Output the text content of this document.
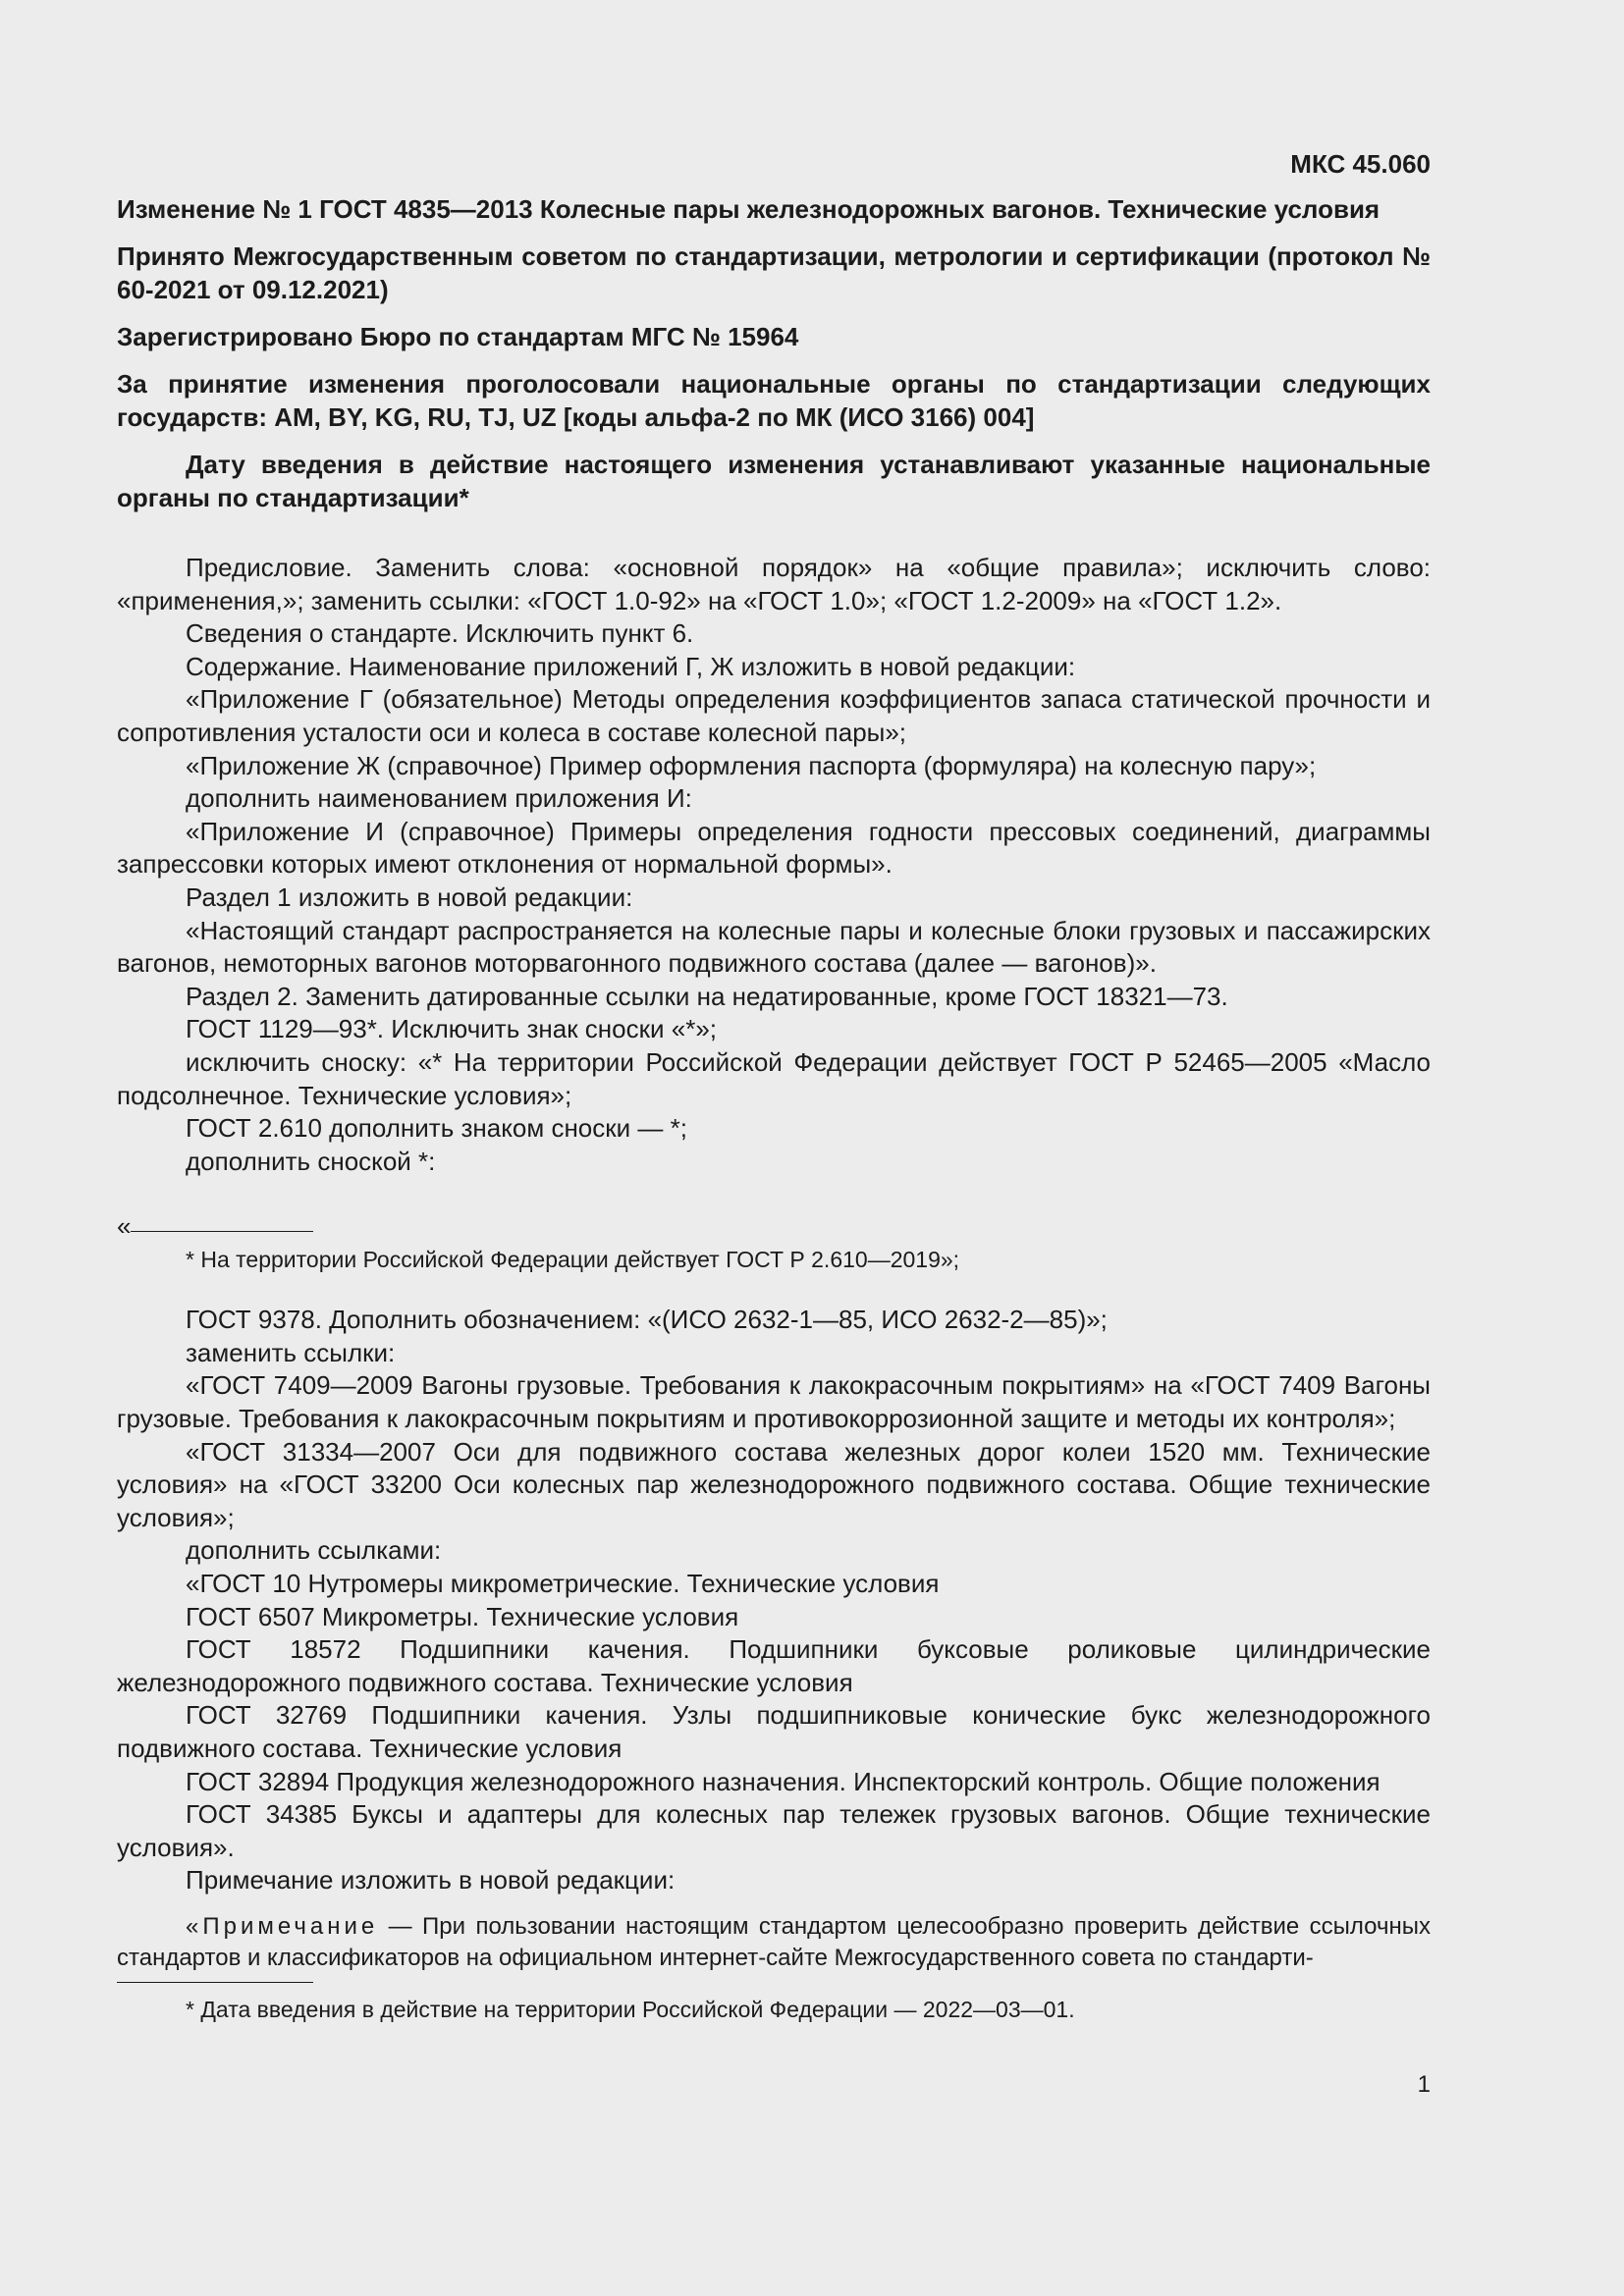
МКС 45.060
Изменение № 1 ГОСТ 4835—2013 Колесные пары железнодорожных вагонов. Технические условия
Принято Межгосударственным советом по стандартизации, метрологии и сертификации (протокол № 60-2021 от 09.12.2021)
Зарегистрировано Бюро по стандартам МГС № 15964
За принятие изменения проголосовали национальные органы по стандартизации следующих государств: AM, BY, KG, RU, TJ, UZ [коды альфа-2 по МК (ИСО 3166) 004]
Дату введения в действие настоящего изменения устанавливают указанные национальные органы по стандартизации*

Предисловие. Заменить слова: «основной порядок» на «общие правила»; исключить слово: «применения,»; заменить ссылки: «ГОСТ 1.0-92» на «ГОСТ 1.0»; «ГОСТ 1.2-2009» на «ГОСТ 1.2».

Сведения о стандарте. Исключить пункт 6.

Содержание. Наименование приложений Г, Ж изложить в новой редакции:

«Приложение Г (обязательное) Методы определения коэффициентов запаса статической прочности и сопротивления усталости оси и колеса в составе колесной пары»;

«Приложение Ж (справочное) Пример оформления паспорта (формуляра) на колесную пару»;

дополнить наименованием приложения И:

«Приложение И (справочное) Примеры определения годности прессовых соединений, диаграммы запрессовки которых имеют отклонения от нормальной формы».

Раздел 1 изложить в новой редакции:

«Настоящий стандарт распространяется на колесные пары и колесные блоки грузовых и пассажирских вагонов, немоторных вагонов моторвагонного подвижного состава (далее — вагонов)».

Раздел 2. Заменить датированные ссылки на недатированные, кроме ГОСТ 18321—73.

ГОСТ 1129—93*. Исключить знак сноски «*»;

исключить сноску: «* На территории Российской Федерации действует ГОСТ Р 52465—2005 «Масло подсолнечное. Технические условия»;

ГОСТ 2.610 дополнить знаком сноски — *;

дополнить сноской *:

«

* На территории Российской Федерации действует ГОСТ Р 2.610—2019»;

ГОСТ 9378. Дополнить обозначением: «(ИСО 2632-1—85, ИСО 2632-2—85)»;

заменить ссылки:

«ГОСТ 7409—2009 Вагоны грузовые. Требования к лакокрасочным покрытиям» на «ГОСТ 7409 Вагоны грузовые. Требования к лакокрасочным покрытиям и противокоррозионной защите и методы их контроля»;

«ГОСТ 31334—2007 Оси для подвижного состава железных дорог колеи 1520 мм. Технические условия» на «ГОСТ 33200 Оси колесных пар железнодорожного подвижного состава. Общие технические условия»;

дополнить ссылками:

«ГОСТ 10 Нутромеры микрометрические. Технические условия

ГОСТ 6507 Микрометры. Технические условия

ГОСТ 18572 Подшипники качения. Подшипники буксовые роликовые цилиндрические железнодорожного подвижного состава. Технические условия

ГОСТ 32769 Подшипники качения. Узлы подшипниковые конические букс железнодорожного подвижного состава. Технические условия

ГОСТ 32894 Продукция железнодорожного назначения. Инспекторский контроль. Общие положения

ГОСТ 34385 Буксы и адаптеры для колесных пар тележек грузовых вагонов. Общие технические условия».

Примечание изложить в новой редакции:

«Примечание — При пользовании настоящим стандартом целесообразно проверить действие ссылочных стандартов и классификаторов на официальном интернет-сайте Межгосударственного совета по стандарти-

* Дата введения в действие на территории Российской Федерации — 2022—03—01.

1
